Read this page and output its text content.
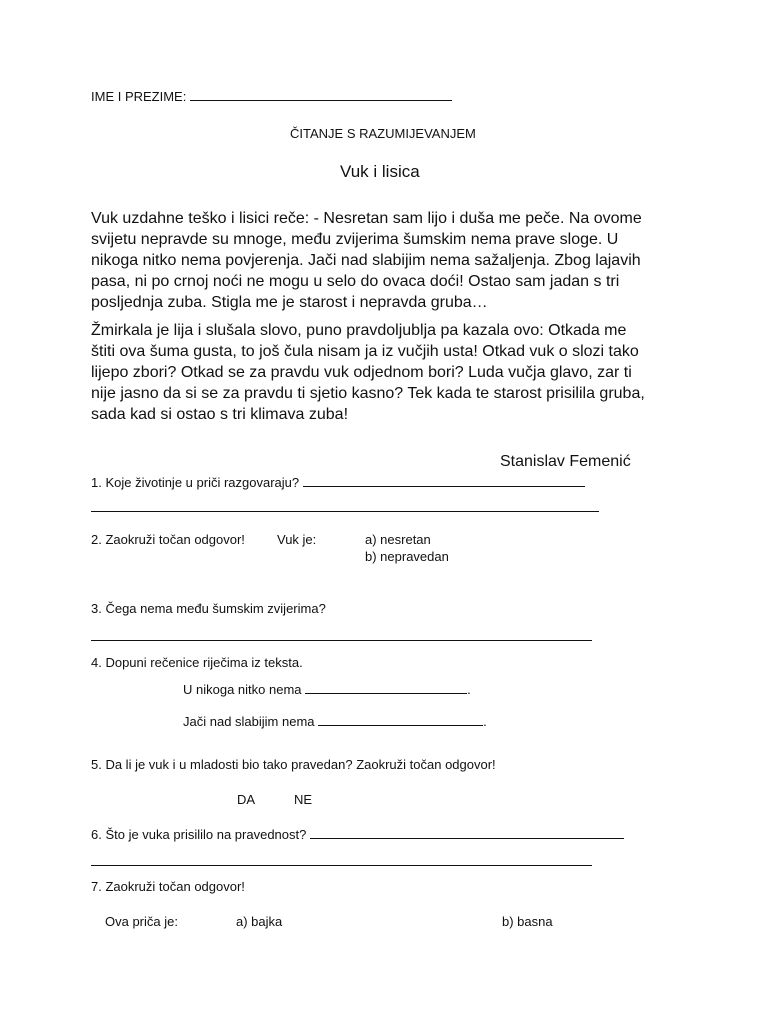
IME I PREZIME:
ČITANJE S RAZUMIJEVANJEM
Vuk i lisica
Vuk uzdahne teško i lisici reče: - Nesretan sam lijo i duša me peče. Na ovome svijetu nepravde su mnoge, među zvijerima šumskim nema prave sloge. U nikoga nitko nema povjerenja. Jači nad slabijim nema sažaljenja. Zbog lajavih pasa, ni po crnoj noći ne mogu u selo do ovaca doći! Ostao sam jadan s tri posljednja zuba. Stigla me je starost i nepravda gruba…
Žmirkala je lija i slušala slovo, puno pravdoljublja pa kazala ovo: Otkada me štiti ova šuma gusta, to još čula nisam ja iz vučjih usta! Otkad vuk o slozi tako lijepo zbori? Otkad se za pravdu vuk odjednom bori? Luda vučja glavo, zar ti nije jasno da si se za pravdu ti sjetio kasno? Tek kada te starost prisilila gruba, sada kad si ostao s tri klimava zuba!
Stanislav Femenić
1. Koje životinje u priči razgovaraju?
2. Zaokruži točan odgovor! Vuk je:	a) nesretan
b) nepravedan
3. Čega nema među šumskim zvijerima?
4. Dopuni rečenice riječima iz teksta.
U nikoga nitko nema	.
Jači nad slabijim nema	.
5. Da li je vuk i u mladosti bio tako pravedan? Zaokruži točan odgovor!
DA	NE
6. Što je vuka prisililo na pravednost?
7. Zaokruži točan odgovor!
Ova priča je:	a) bajka	b) basna
